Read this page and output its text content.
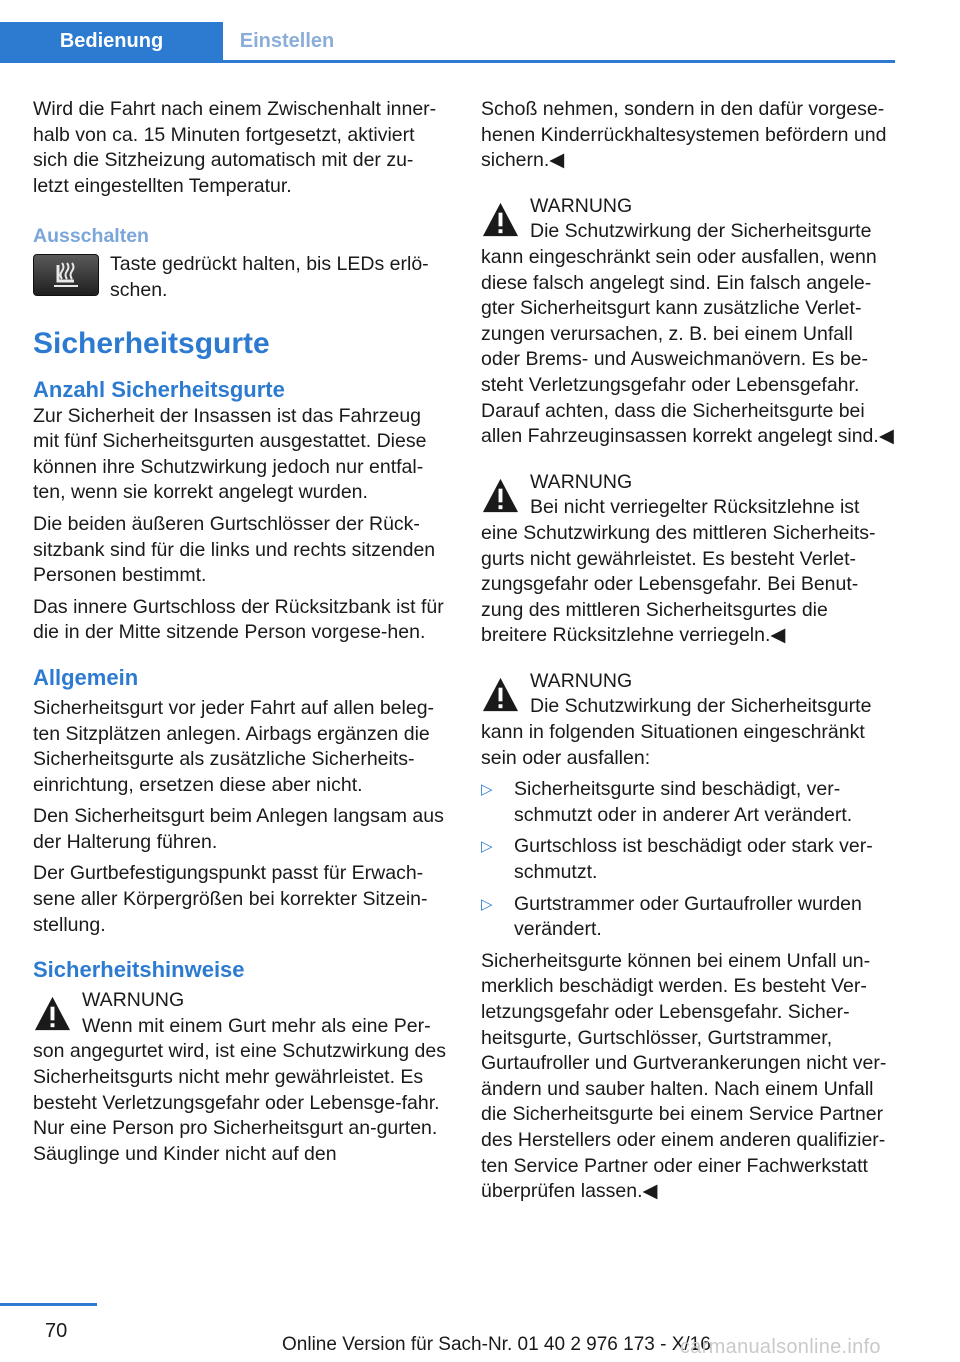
Bedienung	Einstellen

Wird die Fahrt nach einem Zwischenhalt inner‐halb von ca. 15 Minuten fortgesetzt, aktiviert sich die Sitzheizung automatisch mit der zu‐letzt eingestellten Temperatur.

Ausschalten
Taste gedrückt halten, bis LEDs erlö‐schen.
Sicherheitsgurte
Anzahl Sicherheitsgurte

Zur Sicherheit der Insassen ist das Fahrzeug mit fünf Sicherheitsgurten ausgestattet. Diese können ihre Schutzwirkung jedoch nur entfal‐ten, wenn sie korrekt angelegt wurden.

Die beiden äußeren Gurtschlösser der Rück‐sitzbank sind für die links und rechts sitzenden Personen bestimmt.

Das innere Gurtschloss der Rücksitzbank ist für die in der Mitte sitzende Person vorgese‐hen.

Allgemein

Sicherheitsgurt vor jeder Fahrt auf allen beleg‐ten Sitzplätzen anlegen. Airbags ergänzen die Sicherheitsgurte als zusätzliche Sicherheits‐einrichtung, ersetzen diese aber nicht.

Den Sicherheitsgurt beim Anlegen langsam aus der Halterung führen.

Der Gurtbefestigungspunkt passt für Erwach‐sene aller Körpergrößen bei korrekter Sitzein‐stellung.

Sicherheitshinweise
WARNUNG
Wenn mit einem Gurt mehr als eine Per‐son angegurtet wird, ist eine Schutzwirkung des Sicherheitsgurts nicht mehr gewährleistet. Es besteht Verletzungsgefahr oder Lebensge‐fahr. Nur eine Person pro Sicherheitsgurt an‐gurten. Säuglinge und Kinder nicht auf den

Schoß nehmen, sondern in den dafür vorgese‐henen Kinderrückhaltesystemen befördern und sichern.◀

WARNUNG
Die Schutzwirkung der Sicherheitsgurte kann eingeschränkt sein oder ausfallen, wenn diese falsch angelegt sind. Ein falsch angele‐gter Sicherheitsgurt kann zusätzliche Verlet‐zungen verursachen, z. B. bei einem Unfall oder Brems- und Ausweichmanövern. Es be‐steht Verletzungsgefahr oder Lebensgefahr. Darauf achten, dass die Sicherheitsgurte bei allen Fahrzeuginsassen korrekt angelegt sind.◀
WARNUNG
Bei nicht verriegelter Rücksitzlehne ist eine Schutzwirkung des mittleren Sicherheits‐gurts nicht gewährleistet. Es besteht Verlet‐zungsgefahr oder Lebensgefahr. Bei Benut‐zung des mittleren Sicherheitsgurtes die breitere Rücksitzlehne verriegeln.◀
WARNUNG
Die Schutzwirkung der Sicherheitsgurte kann in folgenden Situationen eingeschränkt sein oder ausfallen:
▷ Sicherheitsgurte sind beschädigt, ver‐schmutzt oder in anderer Art verändert.
▷ Gurtschloss ist beschädigt oder stark ver‐schmutzt.
▷ Gurtstrammer oder Gurtaufroller wurden verändert.

Sicherheitsgurte können bei einem Unfall un‐merklich beschädigt werden. Es besteht Ver‐letzungsgefahr oder Lebensgefahr. Sicher‐heitsgurte, Gurtschlösser, Gurtstrammer, Gurtaufroller und Gurtverankerungen nicht ver‐ändern und sauber halten. Nach einem Unfall die Sicherheitsgurte bei einem Service Partner des Herstellers oder einem anderen qualifizier‐ten Service Partner oder einer Fachwerkstatt überprüfen lassen.◀

70
Online Version für Sach-Nr. 01 40 2 976 173 - X/16
carmanualsonline.info
